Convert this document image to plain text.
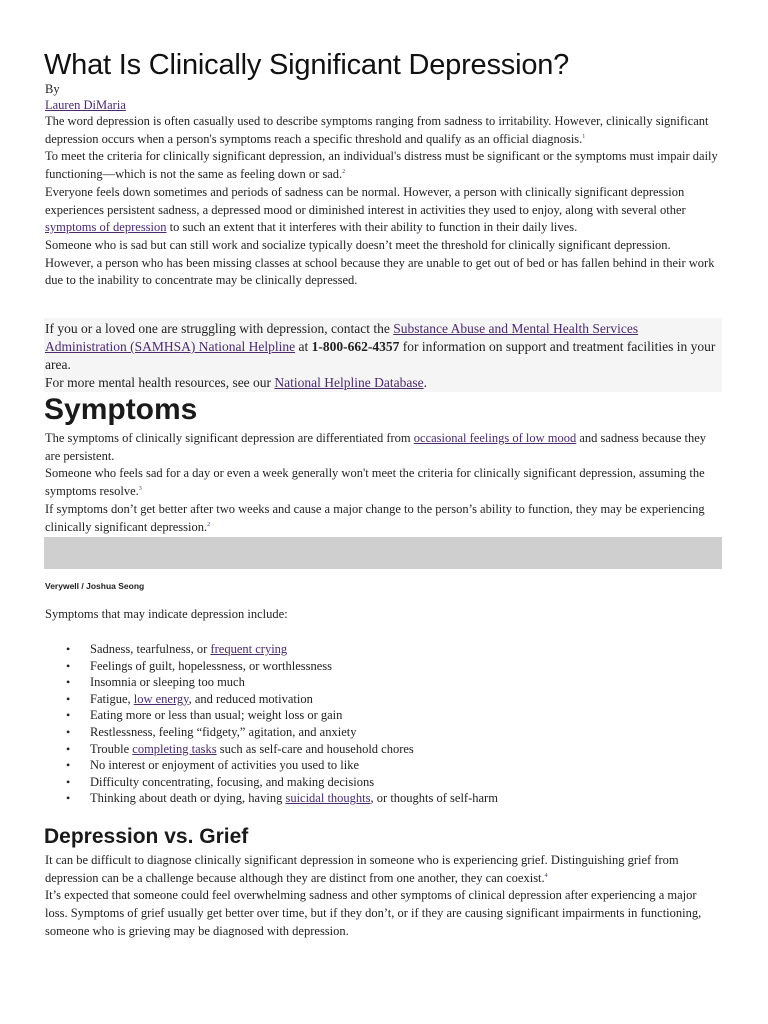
What Is Clinically Significant Depression?
By
Lauren DiMaria

The word depression is often casually used to describe symptoms ranging from sadness to irritability. However, clinically significant depression occurs when a person's symptoms reach a specific threshold and qualify as an official diagnosis.$^1$

To meet the criteria for clinically significant depression, an individual's distress must be significant or the symptoms must impair daily functioning—which is not the same as feeling down or sad.$^2$

Everyone feels down sometimes and periods of sadness can be normal. However, a person with clinically significant depression experiences persistent sadness, a depressed mood or diminished interest in activities they used to enjoy, along with several other symptoms of depression to such an extent that it interferes with their ability to function in their daily lives.

Someone who is sad but can still work and socialize typically doesn’t meet the threshold for clinically significant depression. However, a person who has been missing classes at school because they are unable to get out of bed or has fallen behind in their work due to the inability to concentrate may be clinically depressed.

If you or a loved one are struggling with depression, contact the Substance Abuse and Mental Health Services Administration (SAMHSA) National Helpline at 1-800-662-4357 for information on support and treatment facilities in your area.
For more mental health resources, see our National Helpline Database.
Symptoms

The symptoms of clinically significant depression are differentiated from occasional feelings of low mood and sadness because they are persistent.

Someone who feels sad for a day or even a week generally won't meet the criteria for clinically significant depression, assuming the symptoms resolve.$^3$

If symptoms don’t get better after two weeks and cause a major change to the person’s ability to function, they may be experiencing clinically significant depression.$^2$

Verywell / Joshua Seong
Symptoms that may indicate depression include:
• Sadness, tearfulness, or frequent crying
• Feelings of guilt, hopelessness, or worthlessness
• Insomnia or sleeping too much
• Fatigue, low energy, and reduced motivation
• Eating more or less than usual; weight loss or gain
• Restlessness, feeling “fidgety,” agitation, and anxiety
• Trouble completing tasks such as self-care and household chores
• No interest or enjoyment of activities you used to like
• Difficulty concentrating, focusing, and making decisions
• Thinking about death or dying, having suicidal thoughts, or thoughts of self-harm
Depression vs. Grief

It can be difficult to diagnose clinically significant depression in someone who is experiencing grief. Distinguishing grief from depression can be a challenge because although they are distinct from one another, they can coexist.$^4$

It’s expected that someone could feel overwhelming sadness and other symptoms of clinical depression after experiencing a major loss. Symptoms of grief usually get better over time, but if they don’t, or if they are causing significant impairments in functioning, someone who is grieving may be diagnosed with depression.
